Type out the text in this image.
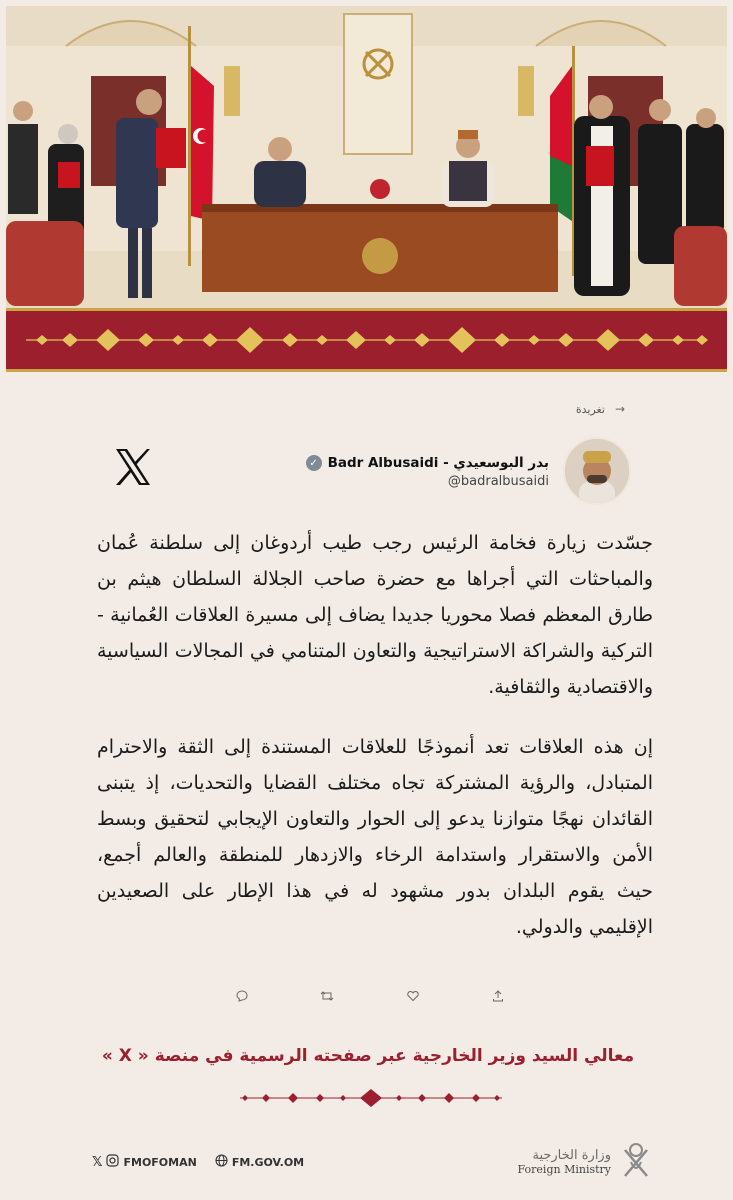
تغريدة →
✓ Badr Albusaidi - بدر البوسعيدي
@badralbusaidi

جسّدت زيارة فخامة الرئيس رجب طيب أردوغان إلى سلطنة عُمان والمباحثات التي أجراها مع حضرة صاحب الجلالة السلطان هيثم بن طارق المعظم فصلا محوريا جديدا يضاف إلى مسيرة العلاقات العُمانية - التركية والشراكة الاستراتيجية والتعاون المتنامي في المجالات السياسية والاقتصادية والثقافية.

إن هذه العلاقات تعد أنموذجًا للعلاقات المستندة إلى الثقة والاحترام المتبادل، والرؤية المشتركة تجاه مختلف القضايا والتحديات، إذ يتبنى القائدان نهجًا متوازنا يدعو إلى الحوار والتعاون الإيجابي لتحقيق وبسط الأمن والاستقرار واستدامة الرخاء والازدهار للمنطقة والعالم أجمع، حيث يقوم البلدان بدور مشهود له في هذا الإطار على الصعيدين الإقليمي والدولي.

معالي السيد وزير الخارجية عبر صفحته الرسمية في منصة « X »
𝕏 FMOFOMAN	FM.GOV.OM	وزارة الخارجية
Foreign Ministry
